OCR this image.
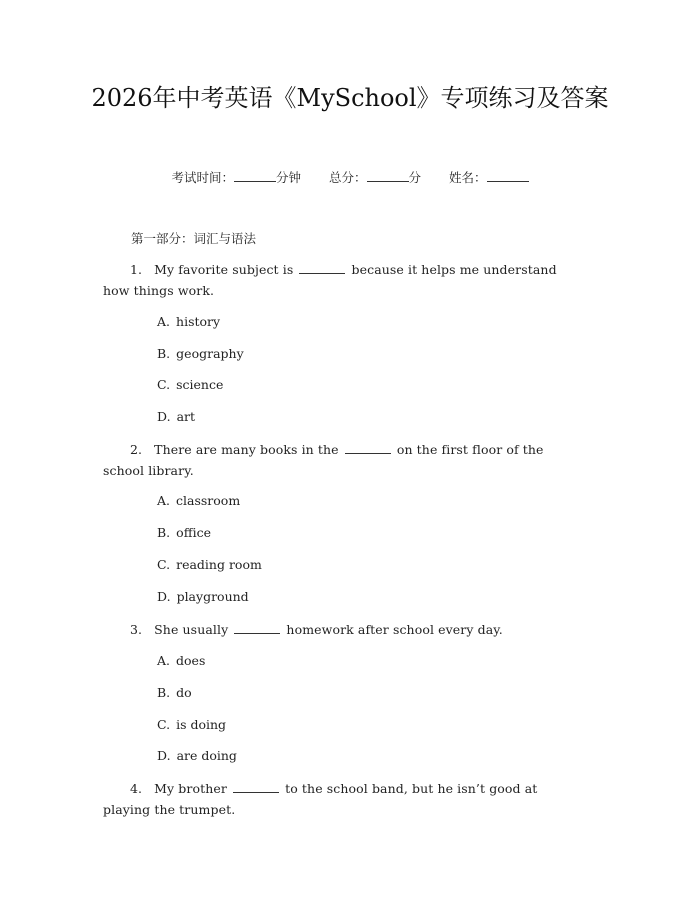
2026年中考英语《MySchool》专项练习及答案
考试时间：	分钟 总分：	分 姓名：
第一部分：词汇与语法
1. My favorite subject is	because it helps me understand how things work.
A. history
B. geography
C. science
D. art
2. There are many books in the	on the first floor of the school library.
A. classroom
B. office
C. reading room
D. playground
3. She usually	homework after school every day.
A. does
B. do
C. is doing
D. are doing
4. My brother	to the school band, but he isn’t good at playing the trumpet.
